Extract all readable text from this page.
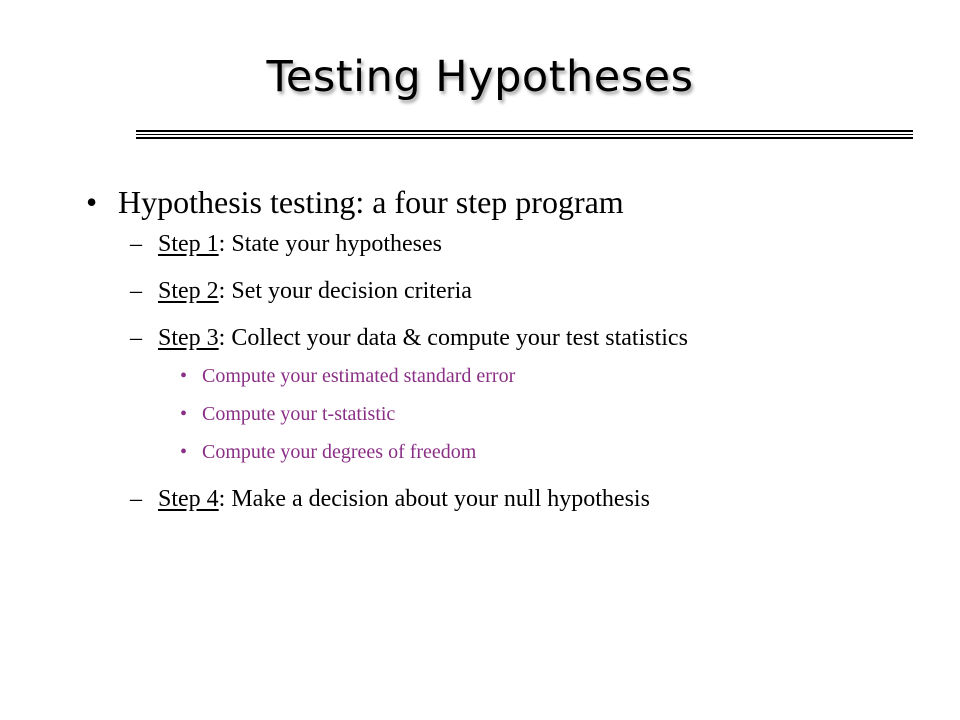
Testing Hypotheses
• Hypothesis testing: a four step program
– Step 1: State your hypotheses
– Step 2: Set your decision criteria
– Step 3: Collect your data & compute your test statistics
• Compute your estimated standard error
• Compute your t-statistic
• Compute your degrees of freedom
– Step 4: Make a decision about your null hypothesis
